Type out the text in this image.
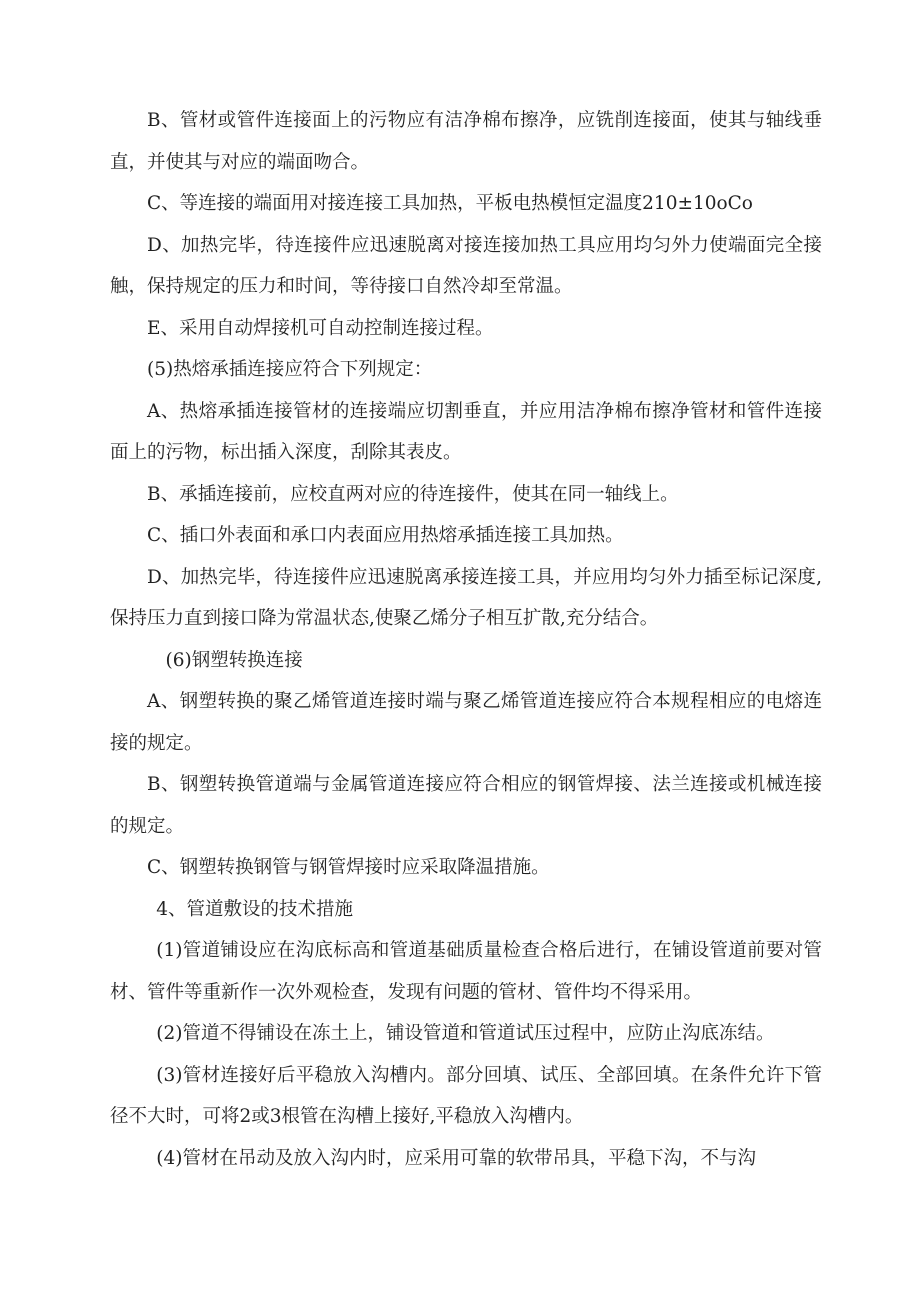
B、管材或管件连接面上的污物应有洁净棉布擦净，应铣削连接面，使其与轴线垂直，并使其与对应的端面吻合。

C、等连接的端面用对接连接工具加热，平板电热模恒定温度210±10oCo

D、加热完毕，待连接件应迅速脱离对接连接加热工具应用均匀外力使端面完全接触，保持规定的压力和时间，等待接口自然冷却至常温。

E、采用自动焊接机可自动控制连接过程。

(5)热熔承插连接应符合下列规定：

A、热熔承插连接管材的连接端应切割垂直，并应用洁净棉布擦净管材和管件连接面上的污物，标出插入深度，刮除其表皮。

B、承插连接前，应校直两对应的待连接件，使其在同一轴线上。

C、插口外表面和承口内表面应用热熔承插连接工具加热。

D、加热完毕，待连接件应迅速脱离承接连接工具，并应用均匀外力插至标记深度,保持压力直到接口降为常温状态,使聚乙烯分子相互扩散,充分结合。

(6)钢塑转换连接

A、钢塑转换的聚乙烯管道连接时端与聚乙烯管道连接应符合本规程相应的电熔连接的规定。

B、钢塑转换管道端与金属管道连接应符合相应的钢管焊接、法兰连接或机械连接的规定。

C、钢塑转换钢管与钢管焊接时应采取降温措施。

4、管道敷设的技术措施

(1)管道铺设应在沟底标高和管道基础质量检查合格后进行，在铺设管道前要对管材、管件等重新作一次外观检查，发现有问题的管材、管件均不得采用。

(2)管道不得铺设在冻土上，铺设管道和管道试压过程中，应防止沟底冻结。

(3)管材连接好后平稳放入沟槽内。部分回填、试压、全部回填。在条件允许下管径不大时，可将2或3根管在沟槽上接好,平稳放入沟槽内。

(4)管材在吊动及放入沟内时，应采用可靠的软带吊具，平稳下沟，不与沟
